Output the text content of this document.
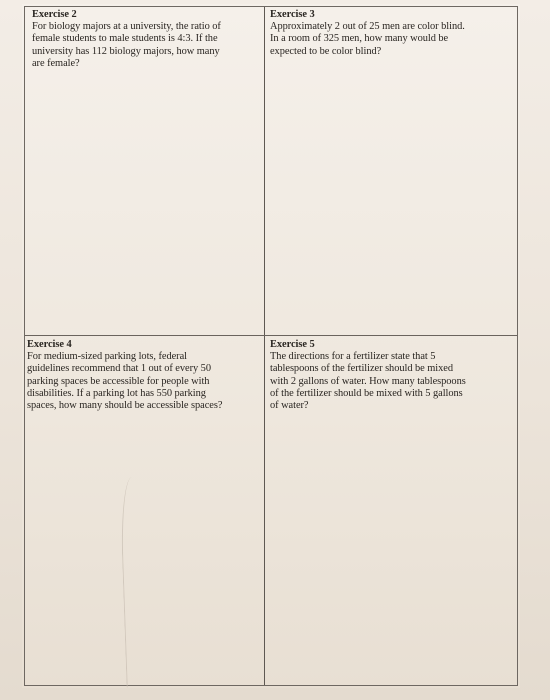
Exercise 2
For biology majors at a university, the ratio of
female students to male students is 4:3. If the
university has 112 biology majors, how many
are female?
Exercise 3
Approximately 2 out of 25 men are color blind.
In a room of 325 men, how many would be
expected to be color blind?
Exercise 4
For medium-sized parking lots, federal
guidelines recommend that 1 out of every 50
parking spaces be accessible for people with
disabilities. If a parking lot has 550 parking
spaces, how many should be accessible spaces?
Exercise 5
The directions for a fertilizer state that 5
tablespoons of the fertilizer should be mixed
with 2 gallons of water. How many tablespoons
of the fertilizer should be mixed with 5 gallons
of water?
